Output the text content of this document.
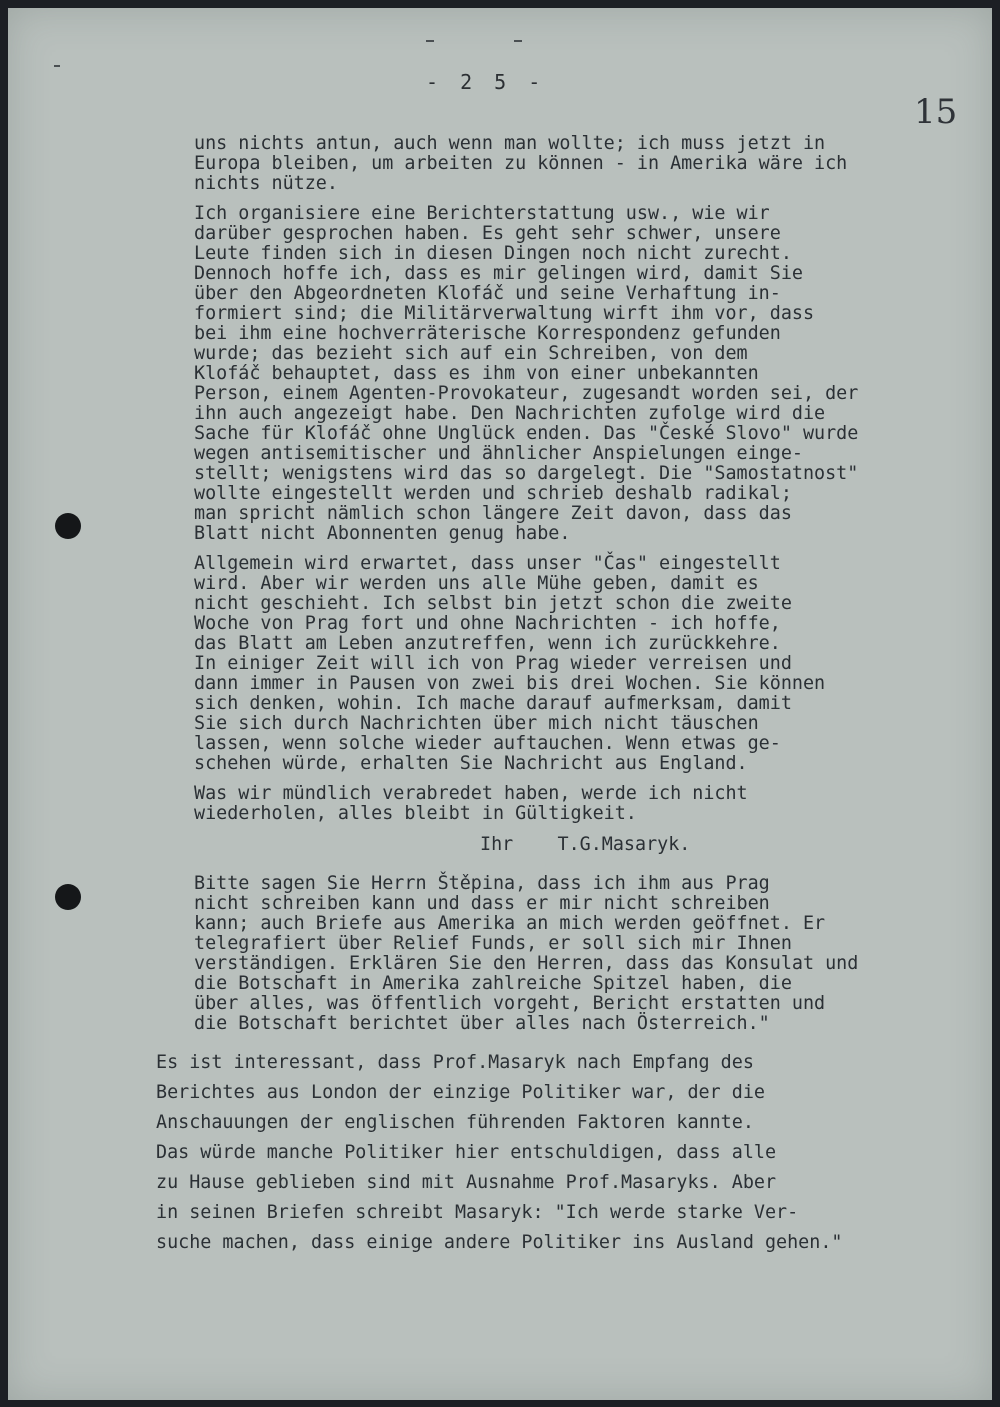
- 2 5 -
15

uns nichts antun, auch wenn man wollte; ich muss jetzt in
Europa bleiben, um arbeiten zu können - in Amerika wäre ich
nichts nütze.

Ich organisiere eine Berichterstattung usw., wie wir
darüber gesprochen haben. Es geht sehr schwer, unsere
Leute finden sich in diesen Dingen noch nicht zurecht.
Dennoch hoffe ich, dass es mir gelingen wird, damit Sie
über den Abgeordneten Klofáč und seine Verhaftung in-
formiert sind; die Militärverwaltung wirft ihm vor, dass
bei ihm eine hochverräterische Korrespondenz gefunden
wurde; das bezieht sich auf ein Schreiben, von dem
Klofáč behauptet, dass es ihm von einer unbekannten
Person, einem Agenten-Provokateur, zugesandt worden sei, der
ihn auch angezeigt habe. Den Nachrichten zufolge wird die
Sache für Klofáč ohne Unglück enden. Das "České Slovo" wurde
wegen antisemitischer und ähnlicher Anspielungen einge-
stellt; wenigstens wird das so dargelegt. Die "Samostatnost"
wollte eingestellt werden und schrieb deshalb radikal;
man spricht nämlich schon längere Zeit davon, dass das
Blatt nicht Abonnenten genug habe.

Allgemein wird erwartet, dass unser "Čas" eingestellt
wird. Aber wir werden uns alle Mühe geben, damit es
nicht geschieht. Ich selbst bin jetzt schon die zweite
Woche von Prag fort und ohne Nachrichten - ich hoffe,
das Blatt am Leben anzutreffen, wenn ich zurückkehre.
In einiger Zeit will ich von Prag wieder verreisen und
dann immer in Pausen von zwei bis drei Wochen. Sie können
sich denken, wohin. Ich mache darauf aufmerksam, damit
Sie sich durch Nachrichten über mich nicht täuschen
lassen, wenn solche wieder auftauchen. Wenn etwas ge-
schehen würde, erhalten Sie Nachricht aus England.

Was wir mündlich verabredet haben, werde ich nicht
wiederholen, alles bleibt in Gültigkeit.

Ihr    T.G.Masaryk.

Bitte sagen Sie Herrn Štěpina, dass ich ihm aus Prag
nicht schreiben kann und dass er mir nicht schreiben
kann; auch Briefe aus Amerika an mich werden geöffnet. Er
telegrafiert über Relief Funds, er soll sich mir Ihnen
verständigen. Erklären Sie den Herren, dass das Konsulat und
die Botschaft in Amerika zahlreiche Spitzel haben, die
über alles, was öffentlich vorgeht, Bericht erstatten und
die Botschaft berichtet über alles nach Österreich."

Es ist interessant, dass Prof.Masaryk nach Empfang des
Berichtes aus London der einzige Politiker war, der die
Anschauungen der englischen führenden Faktoren kannte.
Das würde manche Politiker hier entschuldigen, dass alle
zu Hause geblieben sind mit Ausnahme Prof.Masaryks. Aber
in seinen Briefen schreibt Masaryk: "Ich werde starke Ver-
suche machen, dass einige andere Politiker ins Ausland gehen."
